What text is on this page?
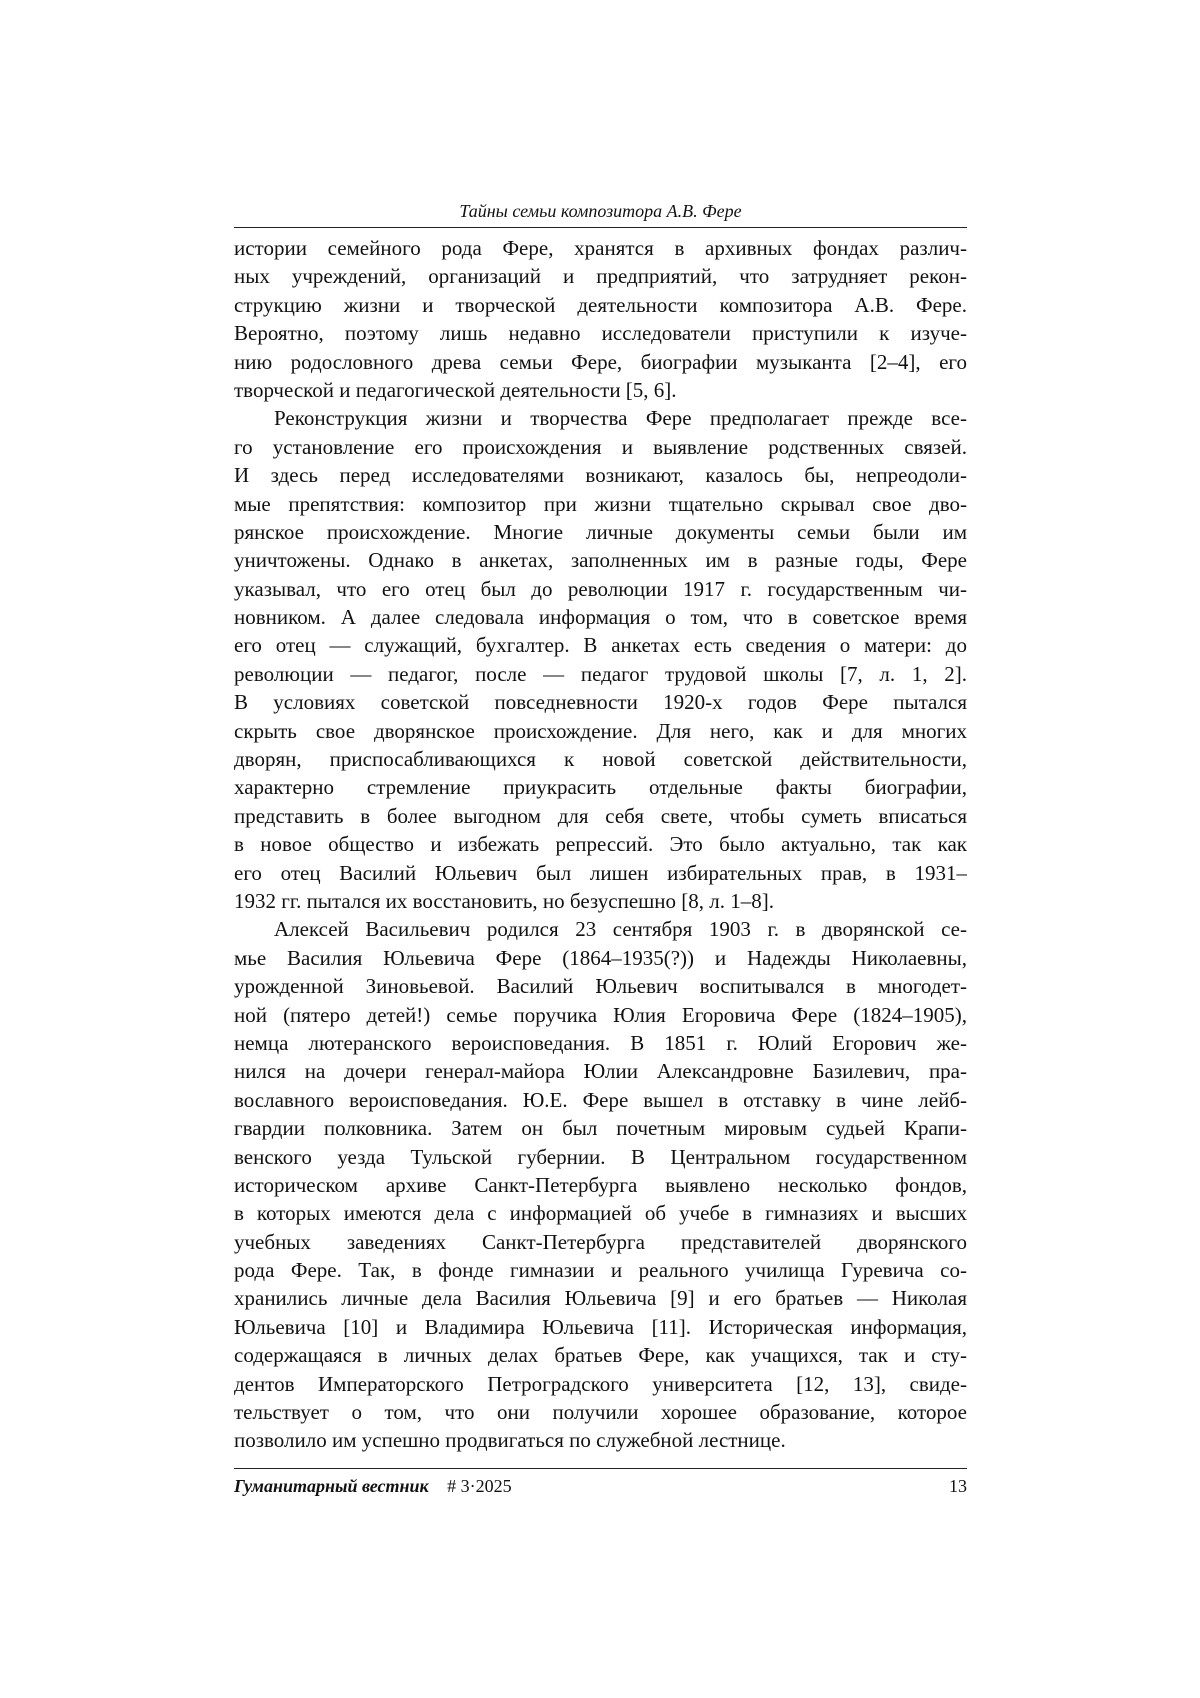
Тайны семьи композитора А.В. Фере
истории семейного рода Фере, хранятся в архивных фондах различ-
ных учреждений, организаций и предприятий, что затрудняет рекон-
струкцию жизни и творческой деятельности композитора А.В. Фере.
Вероятно, поэтому лишь недавно исследователи приступили к изуче-
нию родословного древа семьи Фере, биографии музыканта [2–4], его
творческой и педагогической деятельности [5, 6].
Реконструкция жизни и творчества Фере предполагает прежде все-
го установление его происхождения и выявление родственных связей.
И здесь перед исследователями возникают, казалось бы, непреодоли-
мые препятствия: композитор при жизни тщательно скрывал свое дво-
рянское происхождение. Многие личные документы семьи были им
уничтожены. Однако в анкетах, заполненных им в разные годы, Фере
указывал, что его отец был до революции 1917 г. государственным чи-
новником. А далее следовала информация о том, что в советское время
его отец — служащий, бухгалтер. В анкетах есть сведения о матери: до
революции — педагог, после — педагог трудовой школы [7, л. 1, 2].
В условиях советской повседневности 1920-х годов Фере пытался
скрыть свое дворянское происхождение. Для него, как и для многих
дворян, приспосабливающихся к новой советской действительности,
характерно стремление приукрасить отдельные факты биографии,
представить в более выгодном для себя свете, чтобы суметь вписаться
в новое общество и избежать репрессий. Это было актуально, так как
его отец Василий Юльевич был лишен избирательных прав, в 1931–
1932 гг. пытался их восстановить, но безуспешно [8, л. 1–8].
Алексей Васильевич родился 23 сентября 1903 г. в дворянской се-
мье Василия Юльевича Фере (1864–1935(?)) и Надежды Николаевны,
урожденной Зиновьевой. Василий Юльевич воспитывался в многодет-
ной (пятеро детей!) семье поручика Юлия Егоровича Фере (1824–1905),
немца лютеранского вероисповедания. В 1851 г. Юлий Егорович же-
нился на дочери генерал-майора Юлии Александровне Базилевич, пра-
вославного вероисповедания. Ю.Е. Фере вышел в отставку в чине лейб-
гвардии полковника. Затем он был почетным мировым судьей Крапи-
венского уезда Тульской губернии. В Центральном государственном
историческом архиве Санкт-Петербурга выявлено несколько фондов,
в которых имеются дела с информацией об учебе в гимназиях и высших
учебных заведениях Санкт-Петербурга представителей дворянского
рода Фере. Так, в фонде гимназии и реального училища Гуревича со-
хранились личные дела Василия Юльевича [9] и его братьев — Николая
Юльевича [10] и Владимира Юльевича [11]. Историческая информация,
содержащаяся в личных делах братьев Фере, как учащихся, так и сту-
дентов Императорского Петроградского университета [12, 13], свиде-
тельствует о том, что они получили хорошее образование, которое
позволило им успешно продвигаться по служебной лестнице.
Гуманитарный вестник # 3·2025	13
